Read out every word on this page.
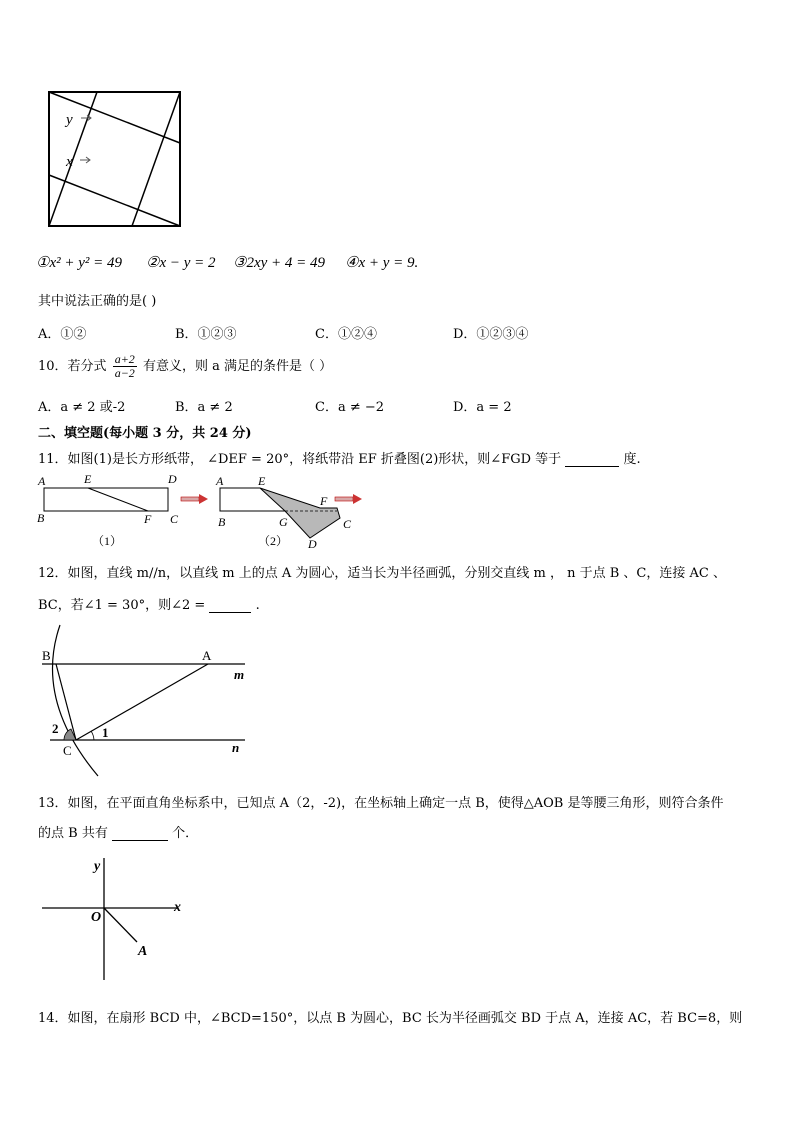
y
x
①x² + y² = 49 ②x − y = 2 ③2xy + 4 = 49 ④x + y = 9.
其中说法正确的是( )
A．①②	B．①②③	C．①②④	D．①②③④
10．若分式 $\frac{a+2}{a-2}$ 有意义，则 a 满足的条件是（ ）
A．a ≠ 2 或-2	B．a ≠ 2	C．a ≠ −2	D．a = 2
二、填空题(每小题 3 分，共 24 分)
11．如图(1)是长方形纸带， ∠DEF = 20°，将纸带沿 EF 折叠图(2)形状，则∠FGD 等于	度.
A	E	D
B	F C
（1）
A	E
F
B	G	C
D
（2）
12．如图，直线 m//n，以直线 m 上的点 A 为圆心，适当长为半径画弧，分别交直线 m ， n 于点 B 、C，连接 AC 、
BC，若∠1 = 30°，则∠2 =	.
B	A
m
2	1
C	n
13．如图，在平面直角坐标系中，已知点 A（2，-2)，在坐标轴上确定一点 B，使得△AOB 是等腰三角形，则符合条件
的点 B 共有	个．
y
x
O
A
14．如图，在扇形 BCD 中，∠BCD=150°，以点 B 为圆心，BC 长为半径画弧交 BD 于点 A，连接 AC，若 BC=8，则
